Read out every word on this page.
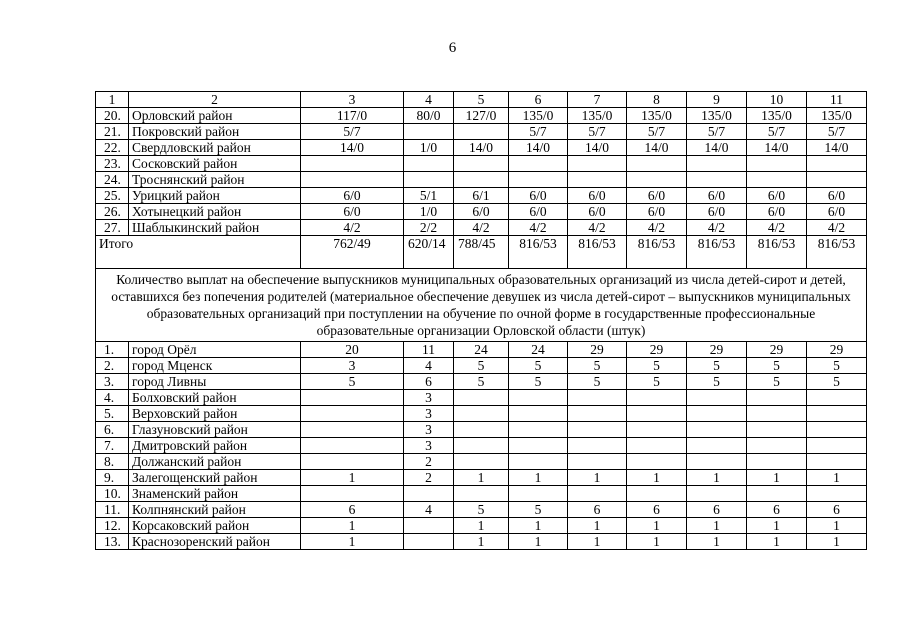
6
1	2	3	4	5	6	7	8	9	10	11
20.	Орловский район	117/0	80/0	127/0	135/0	135/0	135/0	135/0	135/0	135/0
21.	Покровский район	5/7			5/7	5/7	5/7	5/7	5/7	5/7
22.	Свердловский район	14/0	1/0	14/0	14/0	14/0	14/0	14/0	14/0	14/0
23.	Сосковский район									
24.	Троснянский район									
25.	Урицкий район	6/0	5/1	6/1	6/0	6/0	6/0	6/0	6/0	6/0
26.	Хотынецкий район	6/0	1/0	6/0	6/0	6/0	6/0	6/0	6/0	6/0
27.	Шаблыкинский район	4/2	2/2	4/2	4/2	4/2	4/2	4/2	4/2	4/2
Итого		762/49	620/14	788/45	816/53	816/53	816/53	816/53	816/53	816/53
Количество выплат на обеспечение выпускников муниципальных образовательных организаций из числа детей-сирот и детей, оставшихся без попечения родителей (материальное обеспечение девушек из числа детей-сирот – выпускников муниципальных образовательных организаций при поступлении на обучение по очной форме в государственные профессиональные образовательные организации Орловской области (штук)										
1.	город Орёл	20	11	24	24	29	29	29	29	29
2.	город Мценск	3	4	5	5	5	5	5	5	5
3.	город Ливны	5	6	5	5	5	5	5	5	5
4.	Болховский район		3							
5.	Верховский район		3							
6.	Глазуновский район		3							
7.	Дмитровский район		3							
8.	Должанский район		2							
9.	Залегощенский район	1	2	1	1	1	1	1	1	1
10.	Знаменский район									
11.	Колпнянский район	6	4	5	5	6	6	6	6	6
12.	Корсаковский район	1		1	1	1	1	1	1	1
13.	Краснозоренский район	1		1	1	1	1	1	1	1
